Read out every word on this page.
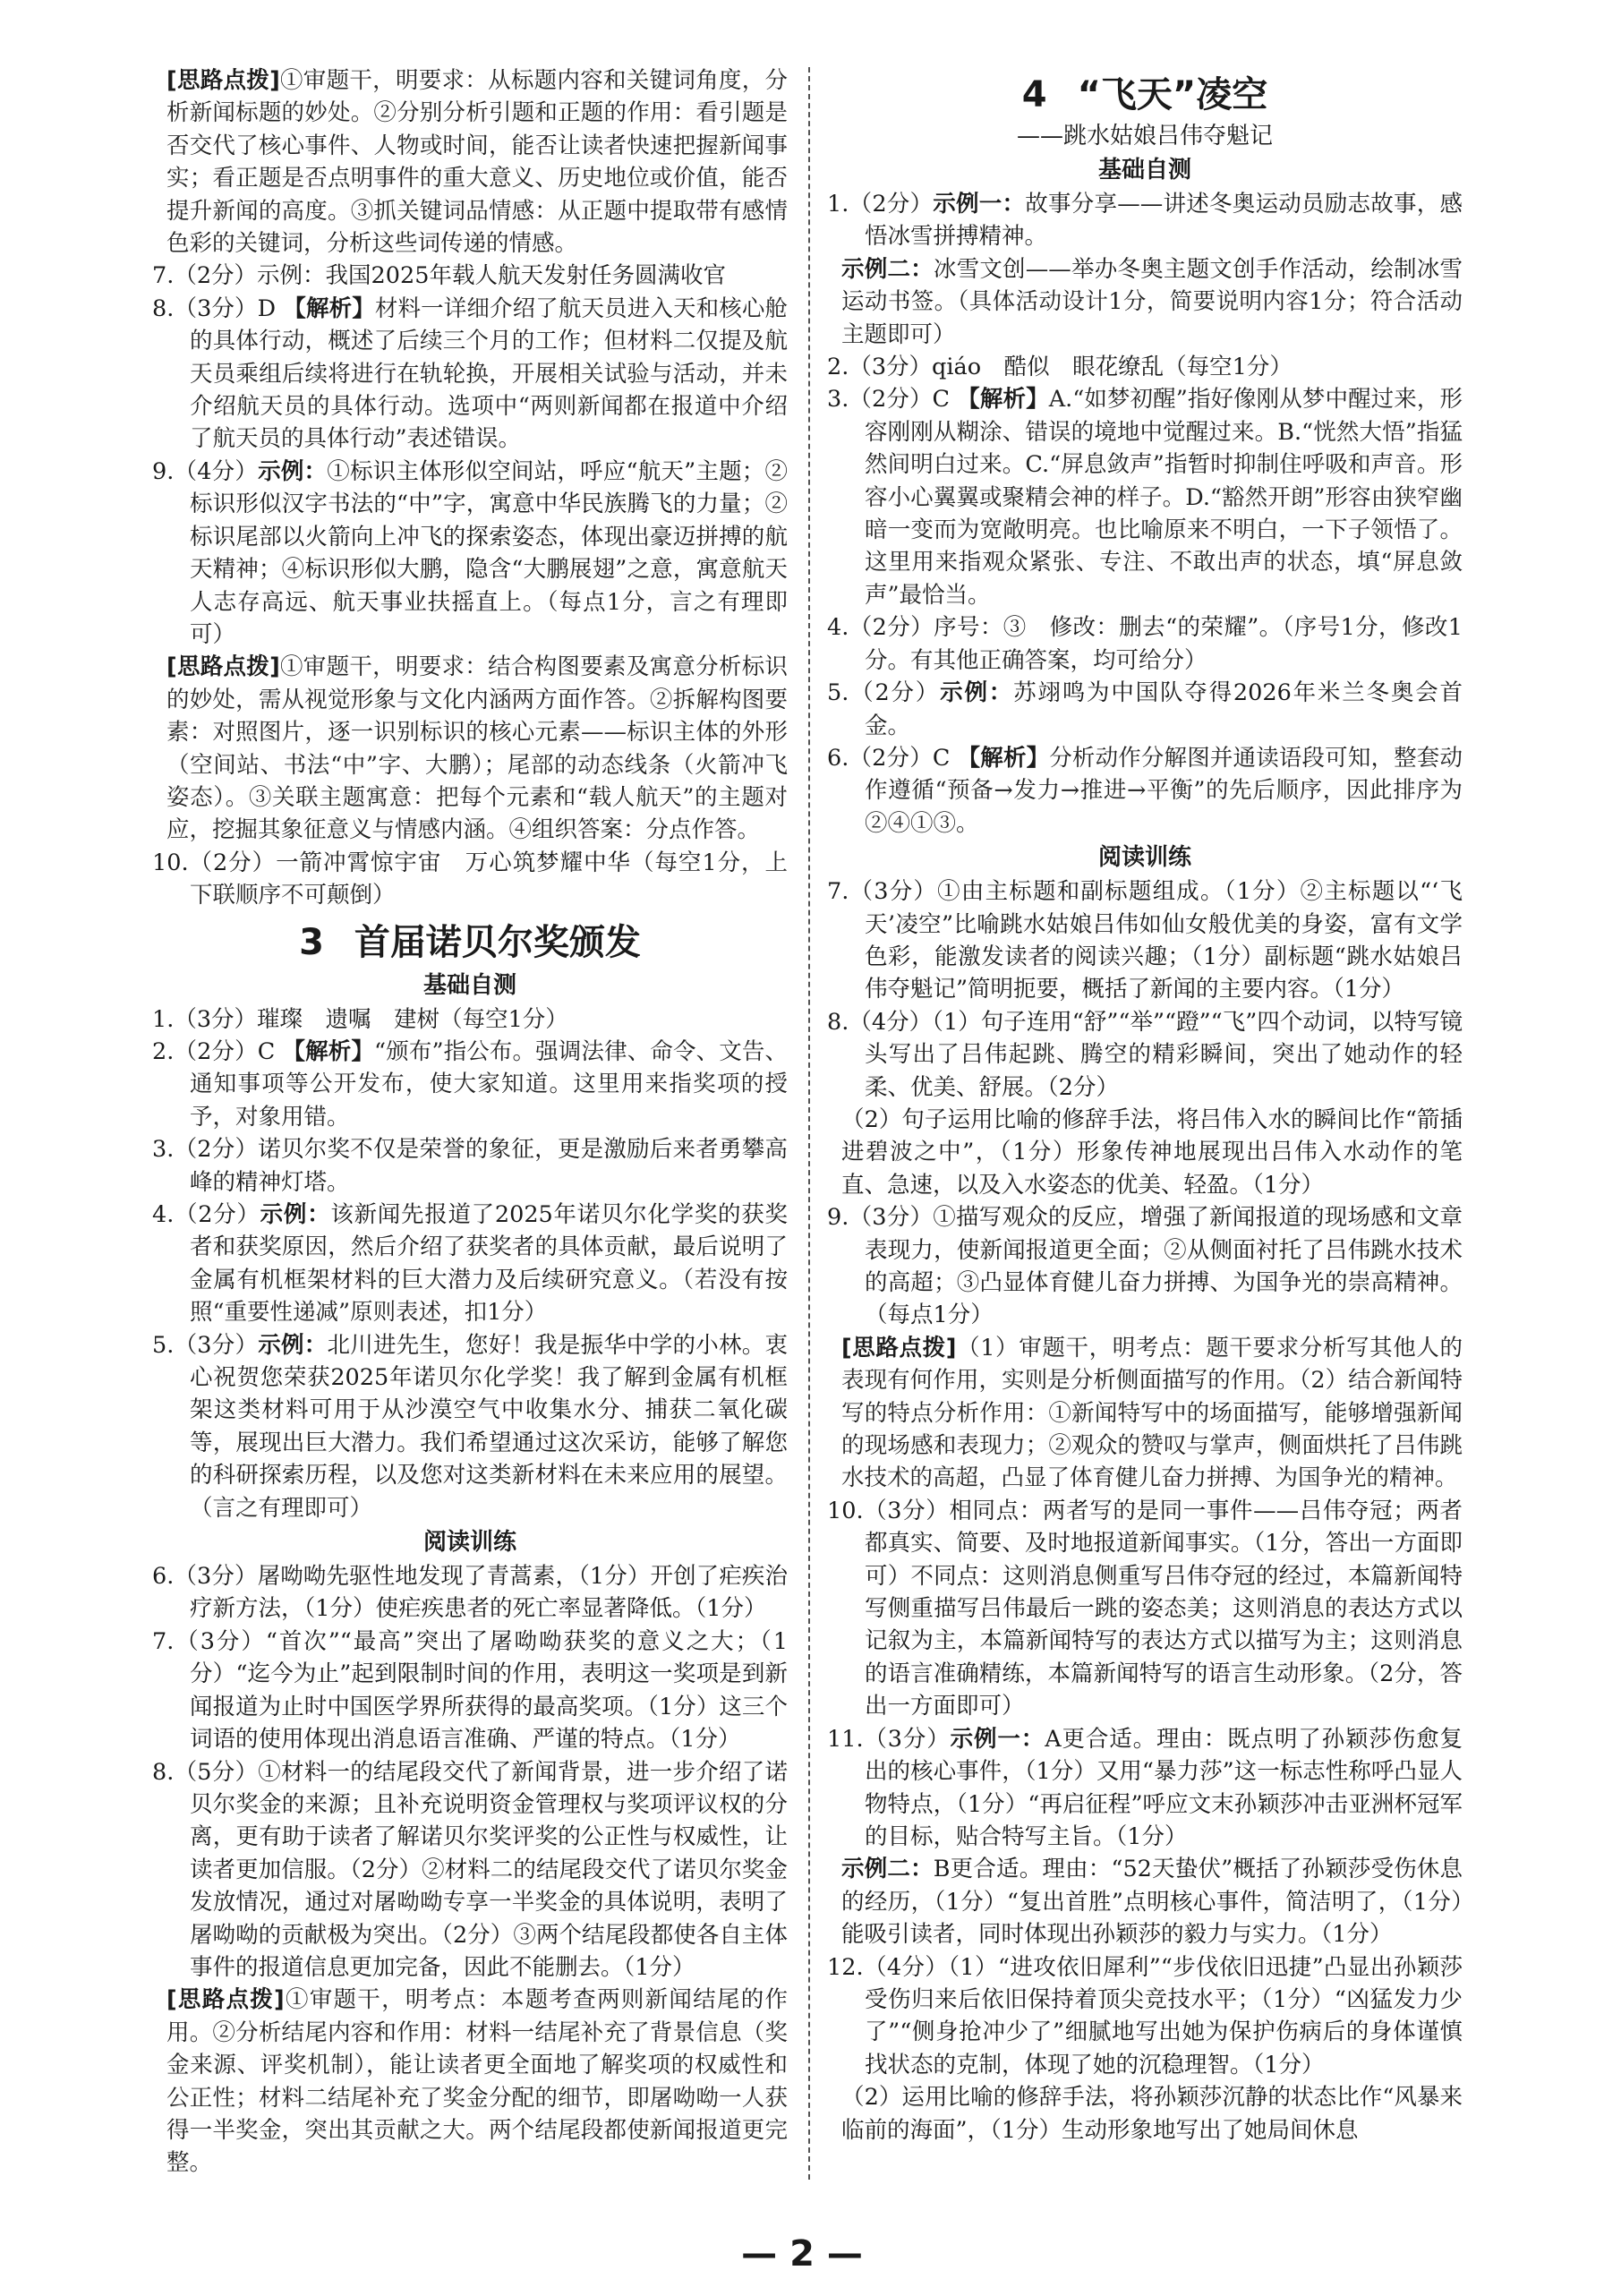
[思路点拨]①审题干，明要求：从标题内容和关键词角度，分析新闻标题的妙处。②分别分析引题和正题的作用：看引题是否交代了核心事件、人物或时间，能否让读者快速把握新闻事实；看正题是否点明事件的重大意义、历史地位或价值，能否提升新闻的高度。③抓关键词品情感：从正题中提取带有感情色彩的关键词，分析这些词传递的情感。

7.（2分）示例：我国2025年载人航天发射任务圆满收官

8.（3分）D 【解析】材料一详细介绍了航天员进入天和核心舱的具体行动，概述了后续三个月的工作；但材料二仅提及航天员乘组后续将进行在轨轮换，开展相关试验与活动，并未介绍航天员的具体行动。选项中“两则新闻都在报道中介绍了航天员的具体行动”表述错误。

9.（4分）示例：①标识主体形似空间站，呼应“航天”主题；②标识形似汉字书法的“中”字，寓意中华民族腾飞的力量；②标识尾部以火箭向上冲飞的探索姿态，体现出豪迈拼搏的航天精神；④标识形似大鹏，隐含“大鹏展翅”之意，寓意航天人志存高远、航天事业扶摇直上。（每点1分，言之有理即可）

[思路点拨]①审题干，明要求：结合构图要素及寓意分析标识的妙处，需从视觉形象与文化内涵两方面作答。②拆解构图要素：对照图片，逐一识别标识的核心元素——标识主体的外形（空间站、书法“中”字、大鹏）；尾部的动态线条（火箭冲飞姿态）。③关联主题寓意：把每个元素和“载人航天”的主题对应，挖掘其象征意义与情感内涵。④组织答案：分点作答。

10.（2分）一箭冲霄惊宇宙　万心筑梦耀中华（每空1分，上下联顺序不可颠倒）

3 首届诺贝尔奖颁发

基础自测

1.（3分）璀璨　遗嘱　建树（每空1分）

2.（2分）C 【解析】“颁布”指公布。强调法律、命令、文告、通知事项等公开发布，使大家知道。这里用来指奖项的授予，对象用错。

3.（2分）诺贝尔奖不仅是荣誉的象征，更是激励后来者勇攀高峰的精神灯塔。

4.（2分）示例：该新闻先报道了2025年诺贝尔化学奖的获奖者和获奖原因，然后介绍了获奖者的具体贡献，最后说明了金属有机框架材料的巨大潜力及后续研究意义。（若没有按照“重要性递减”原则表述，扣1分）

5.（3分）示例：北川进先生，您好！我是振华中学的小林。衷心祝贺您荣获2025年诺贝尔化学奖！我了解到金属有机框架这类材料可用于从沙漠空气中收集水分、捕获二氧化碳等，展现出巨大潜力。我们希望通过这次采访，能够了解您的科研探索历程，以及您对这类新材料在未来应用的展望。（言之有理即可）

阅读训练

6.（3分）屠呦呦先驱性地发现了青蒿素，（1分）开创了疟疾治疗新方法，（1分）使疟疾患者的死亡率显著降低。（1分）

7.（3分）“首次”“最高”突出了屠呦呦获奖的意义之大；（1分）“迄今为止”起到限制时间的作用，表明这一奖项是到新闻报道为止时中国医学界所获得的最高奖项。（1分）这三个词语的使用体现出消息语言准确、严谨的特点。（1分）

8.（5分）①材料一的结尾段交代了新闻背景，进一步介绍了诺贝尔奖金的来源；且补充说明资金管理权与奖项评议权的分离，更有助于读者了解诺贝尔奖评奖的公正性与权威性，让读者更加信服。（2分）②材料二的结尾段交代了诺贝尔奖金发放情况，通过对屠呦呦专享一半奖金的具体说明，表明了屠呦呦的贡献极为突出。（2分）③两个结尾段都使各自主体事件的报道信息更加完备，因此不能删去。（1分）

[思路点拨]①审题干，明考点：本题考查两则新闻结尾的作用。②分析结尾内容和作用：材料一结尾补充了背景信息（奖金来源、评奖机制），能让读者更全面地了解奖项的权威性和公正性；材料二结尾补充了奖金分配的细节，即屠呦呦一人获得一半奖金，突出其贡献之大。两个结尾段都使新闻报道更完整。

4 “飞天”凌空

——跳水姑娘吕伟夺魁记

基础自测

1.（2分）示例一：故事分享——讲述冬奥运动员励志故事，感悟冰雪拼搏精神。

示例二：冰雪文创——举办冬奥主题文创手作活动，绘制冰雪运动书签。（具体活动设计1分，简要说明内容1分；符合活动主题即可）

2.（3分）qiáo　酷似　眼花缭乱（每空1分）

3.（2分）C 【解析】A.“如梦初醒”指好像刚从梦中醒过来，形容刚刚从糊涂、错误的境地中觉醒过来。B.“恍然大悟”指猛然间明白过来。C.“屏息敛声”指暂时抑制住呼吸和声音。形容小心翼翼或聚精会神的样子。D.“豁然开朗”形容由狭窄幽暗一变而为宽敞明亮。也比喻原来不明白，一下子领悟了。这里用来指观众紧张、专注、不敢出声的状态，填“屏息敛声”最恰当。

4.（2分）序号：③　修改：删去“的荣耀”。（序号1分，修改1分。有其他正确答案，均可给分）

5.（2分）示例：苏翊鸣为中国队夺得2026年米兰冬奥会首金。

6.（2分）C 【解析】分析动作分解图并通读语段可知，整套动作遵循“预备→发力→推进→平衡”的先后顺序，因此排序为②④①③。

阅读训练

7.（3分）①由主标题和副标题组成。（1分）②主标题以“‘飞天’凌空”比喻跳水姑娘吕伟如仙女般优美的身姿，富有文学色彩，能激发读者的阅读兴趣；（1分）副标题“跳水姑娘吕伟夺魁记”简明扼要，概括了新闻的主要内容。（1分）

8.（4分）（1）句子连用“舒”“举”“蹬”“飞”四个动词，以特写镜头写出了吕伟起跳、腾空的精彩瞬间，突出了她动作的轻柔、优美、舒展。（2分）

（2）句子运用比喻的修辞手法，将吕伟入水的瞬间比作“箭插进碧波之中”，（1分）形象传神地展现出吕伟入水动作的笔直、急速，以及入水姿态的优美、轻盈。（1分）

9.（3分）①描写观众的反应，增强了新闻报道的现场感和文章表现力，使新闻报道更全面；②从侧面衬托了吕伟跳水技术的高超；③凸显体育健儿奋力拼搏、为国争光的崇高精神。（每点1分）

[思路点拨]（1）审题干，明考点：题干要求分析写其他人的表现有何作用，实则是分析侧面描写的作用。（2）结合新闻特写的特点分析作用：①新闻特写中的场面描写，能够增强新闻的现场感和表现力；②观众的赞叹与掌声，侧面烘托了吕伟跳水技术的高超，凸显了体育健儿奋力拼搏、为国争光的精神。

10.（3分）相同点：两者写的是同一事件——吕伟夺冠；两者都真实、简要、及时地报道新闻事实。（1分，答出一方面即可）不同点：这则消息侧重写吕伟夺冠的经过，本篇新闻特写侧重描写吕伟最后一跳的姿态美；这则消息的表达方式以记叙为主，本篇新闻特写的表达方式以描写为主；这则消息的语言准确精练，本篇新闻特写的语言生动形象。（2分，答出一方面即可）

11.（3分）示例一：A更合适。理由：既点明了孙颖莎伤愈复出的核心事件，（1分）又用“暴力莎”这一标志性称呼凸显人物特点，（1分）“再启征程”呼应文末孙颖莎冲击亚洲杯冠军的目标，贴合特写主旨。（1分）

示例二：B更合适。理由：“52天蛰伏”概括了孙颖莎受伤休息的经历，（1分）“复出首胜”点明核心事件，简洁明了，（1分）能吸引读者，同时体现出孙颖莎的毅力与实力。（1分）

12.（4分）（1）“进攻依旧犀利”“步伐依旧迅捷”凸显出孙颖莎受伤归来后依旧保持着顶尖竞技水平；（1分）“凶猛发力少了”“侧身抢冲少了”细腻地写出她为保护伤病后的身体谨慎找状态的克制，体现了她的沉稳理智。（1分）

（2）运用比喻的修辞手法，将孙颖莎沉静的状态比作“风暴来临前的海面”，（1分）生动形象地写出了她局间休息

— 2 —
